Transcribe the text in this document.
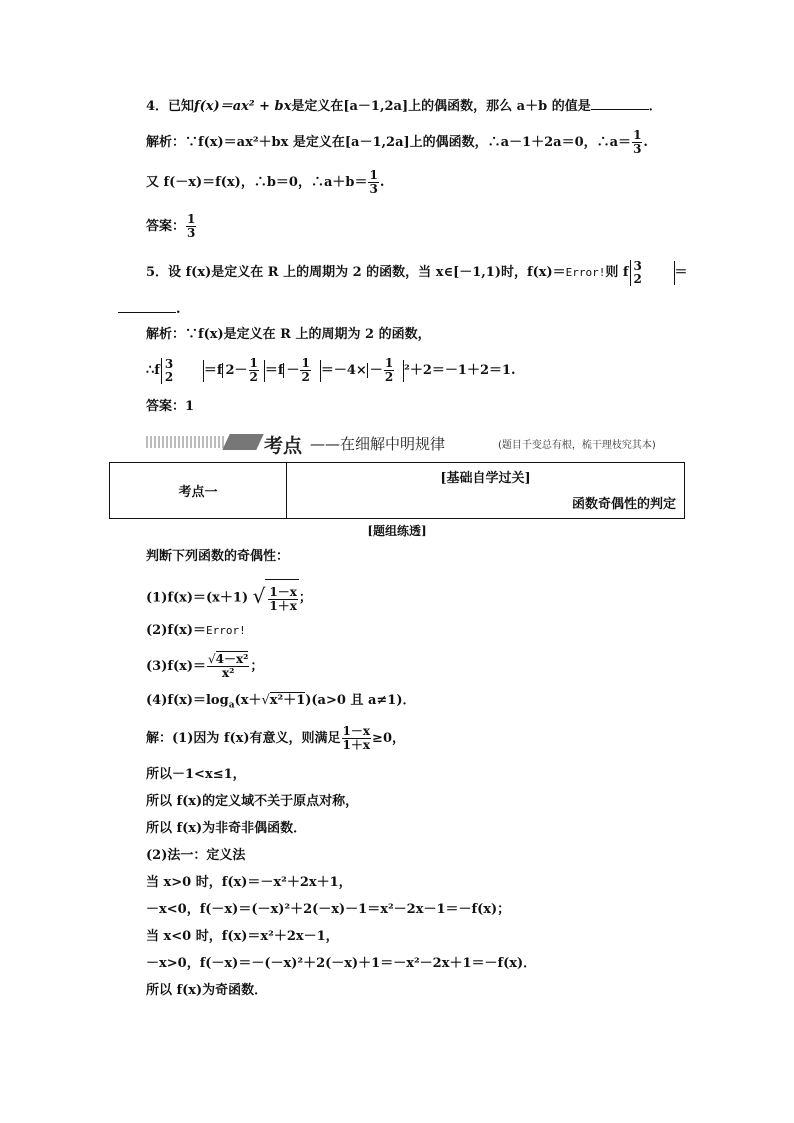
4．已知f(x)＝ax² + bx是定义在[a－1,2a]上的偶函数，那么 a＋b 的值是	．
解析：∵f(x)＝ax²＋bx 是定义在[a－1,2a]上的偶函数，∴a－1＋2a＝0，∴a＝ $\frac{1}{3}$ .
又 f(－x)＝f(x)，∴b＝0，∴a＋b＝ $\frac{1}{3}$ .
答案： $\frac{1}{3}$
5．设 f(x)是定义在 R 上的周期为 2 的函数，当 x∈[－1,1)时，f(x)＝Error!则 f 3
2	＝
.
解析：∵f(x)是定义在 R 上的周期为 2 的函数，
∴f 3
2	＝f $2- \frac{1}{2} =f - \frac{1}{2} =-4\times - \frac{1}{2} ^2+2=-1+2=1$.
答案：1
考点 ——在细解中明规律	(题目千变总有根，梳干理枝究其本)
考点一	
[基础自学过关]
函数奇偶性的判定
[题组练透]
判断下列函数的奇偶性：
(1)f(x)＝(x＋1) √ $\frac{1-x}{1+x}$ ；
(2)f(x)＝Error!
$(3)f(x)= \frac{\text{√4－x²}}{\text{x²}}$ ；
$(4)f(x)=\log_a(x+√x^2+1)(a>0$ 且 a≠1)．
解：(1)因为 f(x)有意义，则满足 $\frac{1-x}{1+x} \ge 0$，
所以－1<x≤1，
所以 f(x)的定义域不关于原点对称，
所以 f(x)为非奇非偶函数．
(2)法一：定义法
当 x>0 时，f(x)＝－x²＋2x＋1，
－x<0，f(－x)＝(－x)²＋2(－x)－1＝x²－2x－1＝－f(x)；
当 x<0 时，f(x)＝x²＋2x－1，
－x>0，f(－x)＝－(－x)²＋2(－x)＋1＝－x²－2x＋1＝－f(x)．
所以 f(x)为奇函数．
